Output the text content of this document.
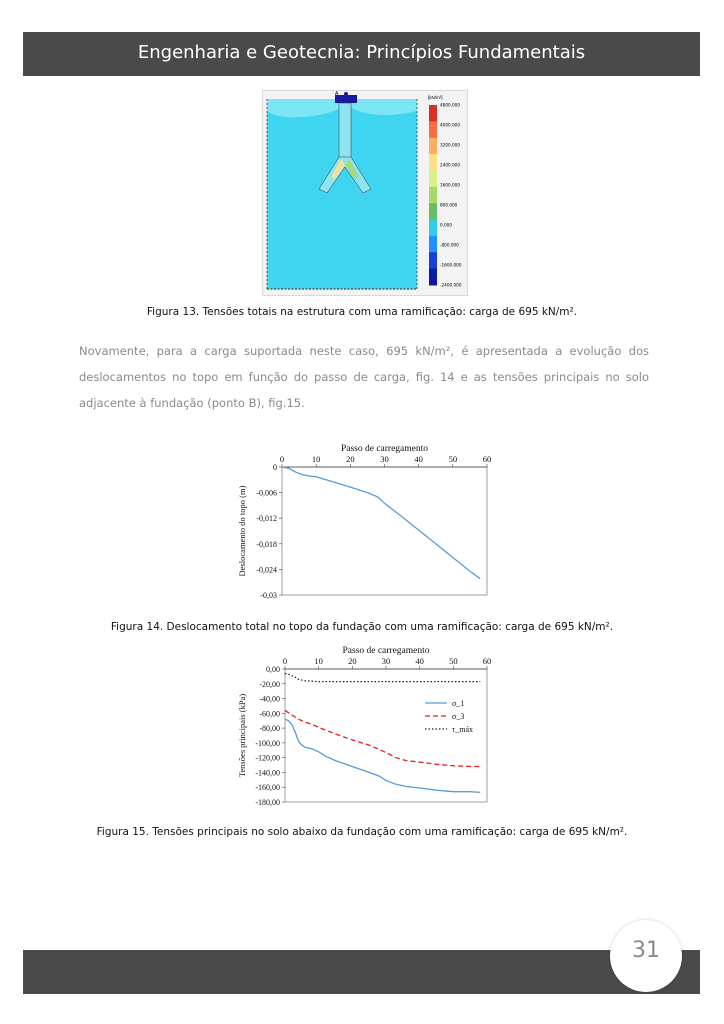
Engenharia e Geotecnia: Princípios Fundamentais
A
[kN/m²]
4800.000
4000.000
3200.000
2400.000
1600.000
800.000
0.000
-800.000
-1600.000
-2400.000
Figura 13. Tensões totais na estrutura com uma ramificação: carga de 695 kN/m².
Novamente, para a carga suportada neste caso, 695 kN/m², é apresentada a evolução dos deslocamentos no topo em função do passo de carga, fig. 14 e as tensões principais no solo adjacente à fundação (ponto B), fig.15.
Passo de carregamento
0	10	20	30	40	50	60
0
-0,006
-0,012
-0,018
-0,024
-0,03
Deslocamento do topo (m)
Figura 14. Deslocamento total no topo da fundação com uma ramificação: carga de 695 kN/m².
Passo de carregamento
0	10	20	30	40	50	60
0,00
-20,00
-40,00
-60,00
-80,00
-100,00
-120,00
-140,00
-160,00
-180,00
Tensões principais (kPa)	σ_1
σ_3
τ_máx
Figura 15. Tensões principais no solo abaixo da fundação com uma ramificação: carga de 695 kN/m².
31
